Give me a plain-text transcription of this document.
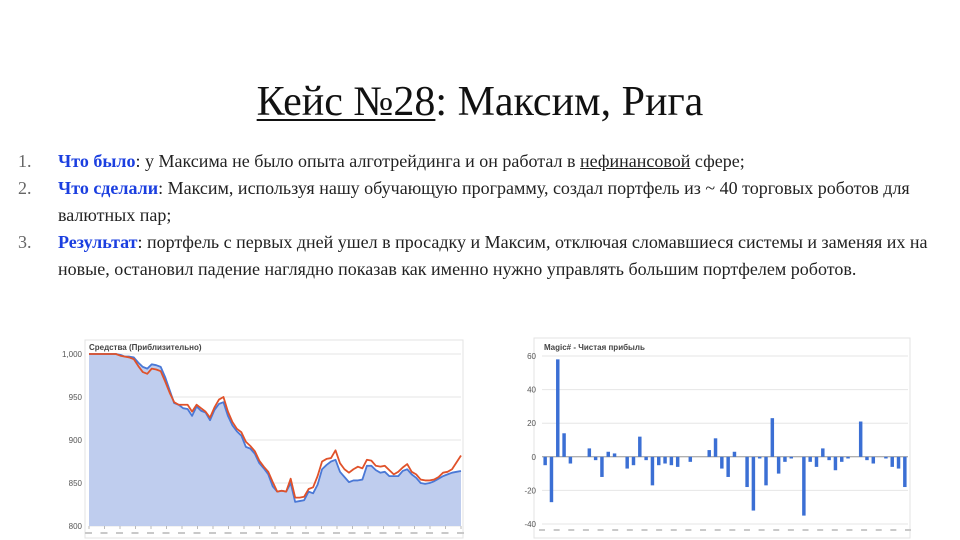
Кейс №28: Максим, Рига
1. Что было: у Максима не было опыта алготрейдинга и он работал в нефинансовой сфере;
2. Что сделали: Максим, используя нашу обучающую программу, создал портфель из ~ 40 торговых роботов для валютных пар;
3. Результат: портфель с первых дней ушел в просадку и Максим, отключая сломавшиеся системы и заменяя их на новые, остановил падение наглядно показав как именно нужно управлять большим портфелем роботов.
800
850
900
950
1,000
Средства (Приблизительно)
-40
-20
0
20
40
60
Magic# - Чистая прибыль
